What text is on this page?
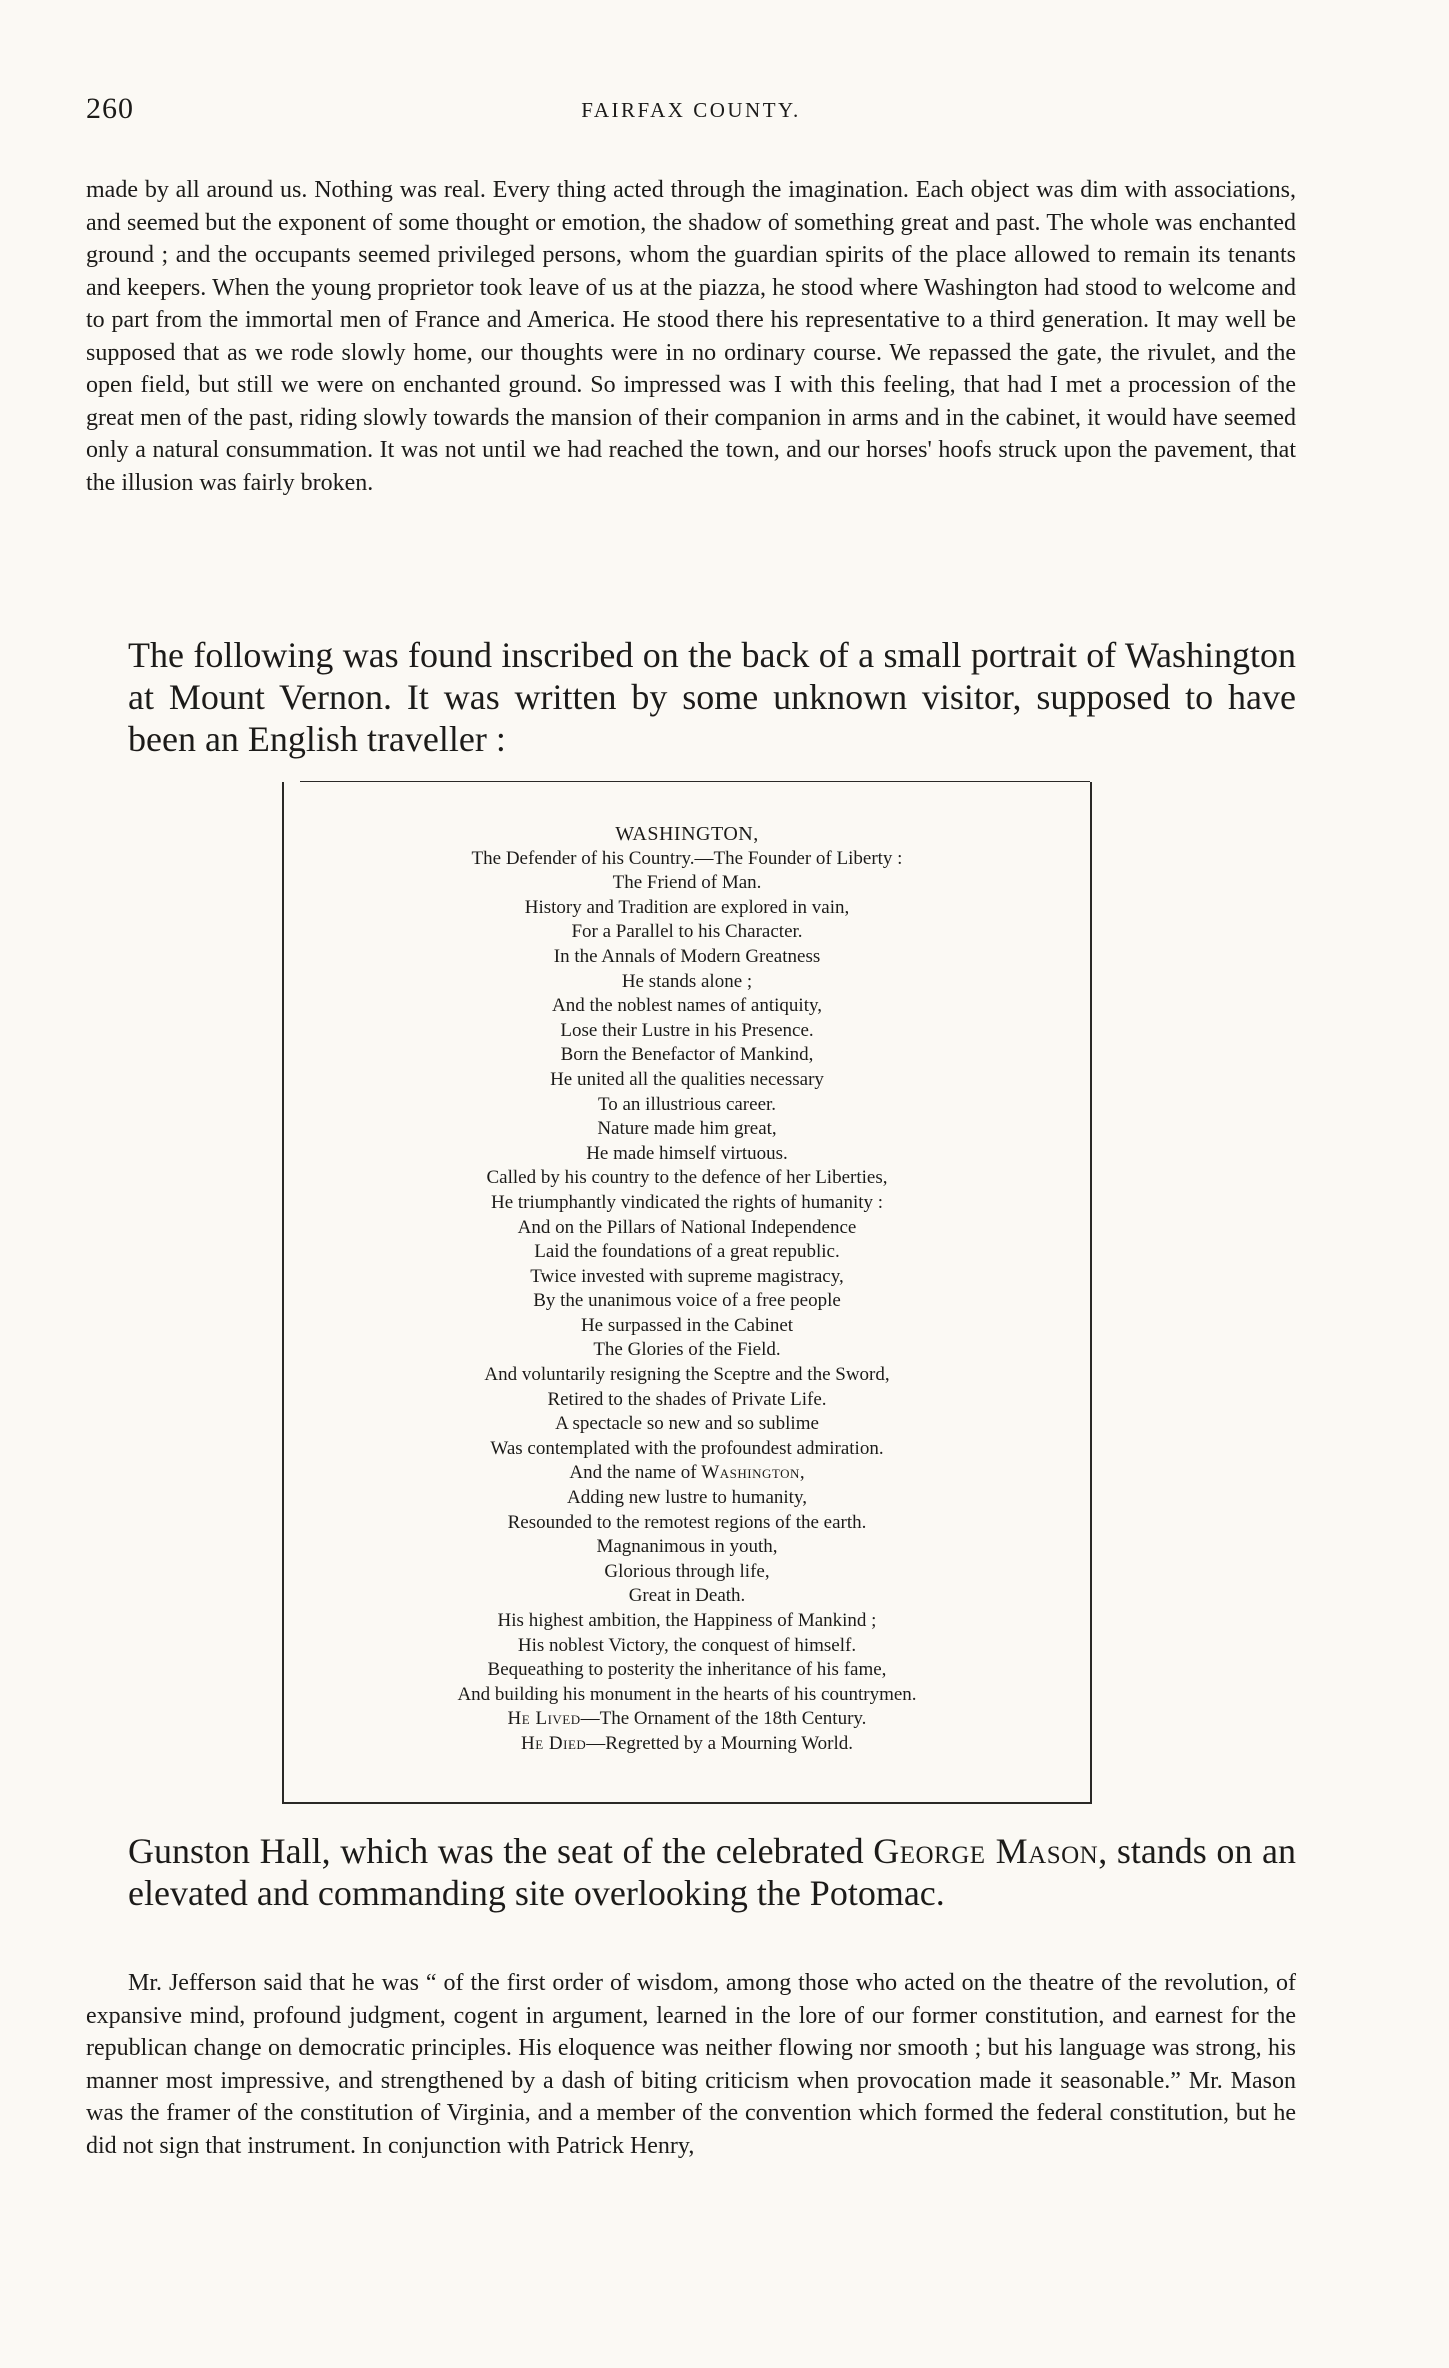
260	FAIRFAX COUNTY.

made by all around us. Nothing was real. Every thing acted through the imagination. Each object was dim with associations, and seemed but the exponent of some thought or emotion, the shadow of something great and past. The whole was enchanted ground ; and the occupants seemed privileged persons, whom the guardian spirits of the place allowed to remain its tenants and keepers. When the young proprietor took leave of us at the piazza, he stood where Washington had stood to welcome and to part from the immortal men of France and America. He stood there his representative to a third generation. It may well be supposed that as we rode slowly home, our thoughts were in no ordinary course. We repassed the gate, the rivulet, and the open field, but still we were on enchanted ground. So impressed was I with this feeling, that had I met a procession of the great men of the past, riding slowly towards the mansion of their companion in arms and in the cabinet, it would have seemed only a natural consummation. It was not until we had reached the town, and our horses' hoofs struck upon the pavement, that the illusion was fairly broken.

The following was found inscribed on the back of a small portrait of Washington at Mount Vernon. It was written by some unknown visitor, supposed to have been an English traveller :

WASHINGTON,
The Defender of his Country.—The Founder of Liberty :
The Friend of Man.
History and Tradition are explored in vain,
For a Parallel to his Character.
In the Annals of Modern Greatness
He stands alone ;
And the noblest names of antiquity,
Lose their Lustre in his Presence.
Born the Benefactor of Mankind,
He united all the qualities necessary
To an illustrious career.
Nature made him great,
He made himself virtuous.
Called by his country to the defence of her Liberties,
He triumphantly vindicated the rights of humanity :
And on the Pillars of National Independence
Laid the foundations of a great republic.
Twice invested with supreme magistracy,
By the unanimous voice of a free people
He surpassed in the Cabinet
The Glories of the Field.
And voluntarily resigning the Sceptre and the Sword,
Retired to the shades of Private Life.
A spectacle so new and so sublime
Was contemplated with the profoundest admiration.
And the name of Washington,
Adding new lustre to humanity,
Resounded to the remotest regions of the earth.
Magnanimous in youth,
Glorious through life,
Great in Death.
His highest ambition, the Happiness of Mankind ;
His noblest Victory, the conquest of himself.
Bequeathing to posterity the inheritance of his fame,
And building his monument in the hearts of his countrymen.
He Lived—The Ornament of the 18th Century.
He Died—Regretted by a Mourning World.

Gunston Hall, which was the seat of the celebrated George Mason, stands on an elevated and commanding site overlooking the Potomac.

Mr. Jefferson said that he was “ of the first order of wisdom, among those who acted on the theatre of the revolution, of expansive mind, profound judgment, cogent in argument, learned in the lore of our former constitution, and earnest for the republican change on democratic principles. His eloquence was neither flowing nor smooth ; but his language was strong, his manner most impressive, and strengthened by a dash of biting criticism when provocation made it seasonable.” Mr. Mason was the framer of the constitution of Virginia, and a member of the convention which formed the federal constitution, but he did not sign that instrument. In conjunction with Patrick Henry,
